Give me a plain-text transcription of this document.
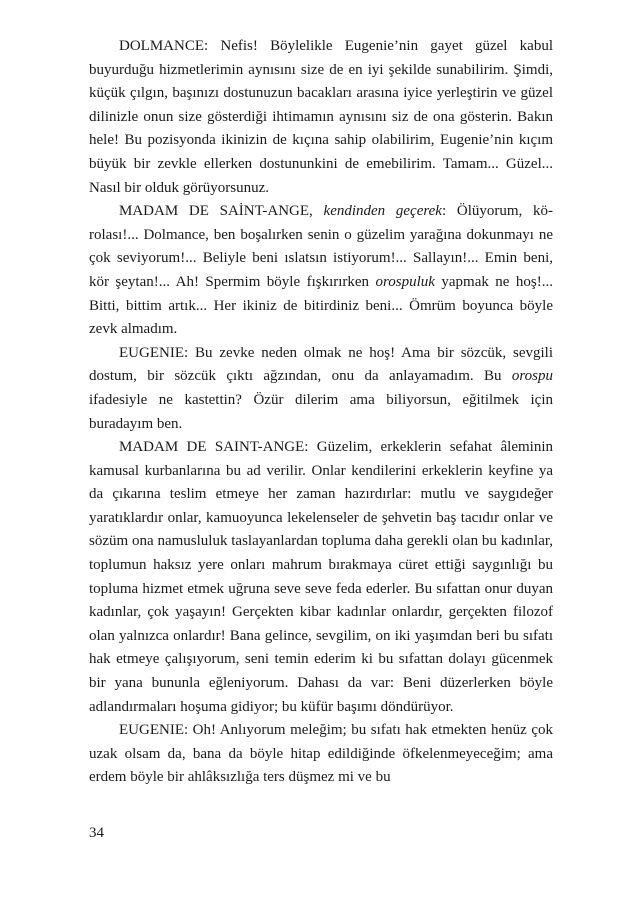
DOLMANCE: Nefis! Böylelikle Eugenie’nin gayet güzel kabul buyurduğu hizmetlerimin aynısını size de en iyi şekilde sunabilirim. Şimdi, küçük çılgın, başınızı dostunuzun bacakları arasına iyice yerleştirin ve güzel dilinizle onun size gösterdiği ihtimamın aynısını siz de ona gösterin. Bakın hele! Bu pozisyonda ikinizin de kıçına sahip olabilirim, Eugenie’nin kıçım büyük bir zevkle ellerken dostununkini de emebilirim. Tamam... Güzel... Nasıl bir olduk görüyorsunuz.

MADAM DE SAİNT-ANGE, kendinden geçerek: Ölüyorum, kö-rolası!... Dolmance, ben boşalırken senin o güzelim yarağına dokunmayı ne çok seviyorum!... Beliyle beni ıslatsın istiyorum!... Sallayın!... Emin beni, kör şeytan!... Ah! Spermim böyle fışkırırken orospuluk yapmak ne hoş!... Bitti, bittim artık... Her ikiniz de bitirdiniz beni... Ömrüm boyunca böyle zevk almadım.

EUGENIE: Bu zevke neden olmak ne hoş! Ama bir sözcük, sevgili dostum, bir sözcük çıktı ağzından, onu da anlayamadım. Bu orospu ifadesiyle ne kastettin? Özür dilerim ama biliyorsun, eğitilmek için buradayım ben.

MADAM DE SAINT-ANGE: Güzelim, erkeklerin sefahat âleminin kamusal kurbanlarına bu ad verilir. Onlar kendilerini erkeklerin keyfine ya da çıkarına teslim etmeye her zaman hazırdırlar: mutlu ve saygıdeğer yaratıklardır onlar, kamuoyunca lekelenseler de şehvetin baş tacıdır onlar ve sözüm ona namusluluk taslayanlardan topluma daha gerekli olan bu kadınlar, toplumun haksız yere onları mahrum bırakmaya cüret ettiği saygınlığı bu topluma hizmet etmek uğruna seve seve feda ederler. Bu sıfattan onur duyan kadınlar, çok yaşayın! Gerçekten kibar kadınlar onlardır, gerçekten filozof olan yalnızca onlardır! Bana gelince, sevgilim, on iki yaşımdan beri bu sıfatı hak etmeye çalışıyorum, seni temin ederim ki bu sıfattan dolayı gücenmek bir yana bununla eğleniyorum. Dahası da var: Beni düzerlerken böyle adlandırmaları hoşuma gidiyor; bu küfür başımı döndürüyor.

EUGENIE: Oh! Anlıyorum meleğim; bu sıfatı hak etmekten henüz çok uzak olsam da, bana da böyle hitap edildiğinde öfkelenmeyeceğim; ama erdem böyle bir ahlâksızlığa ters düşmez mi ve bu

34
